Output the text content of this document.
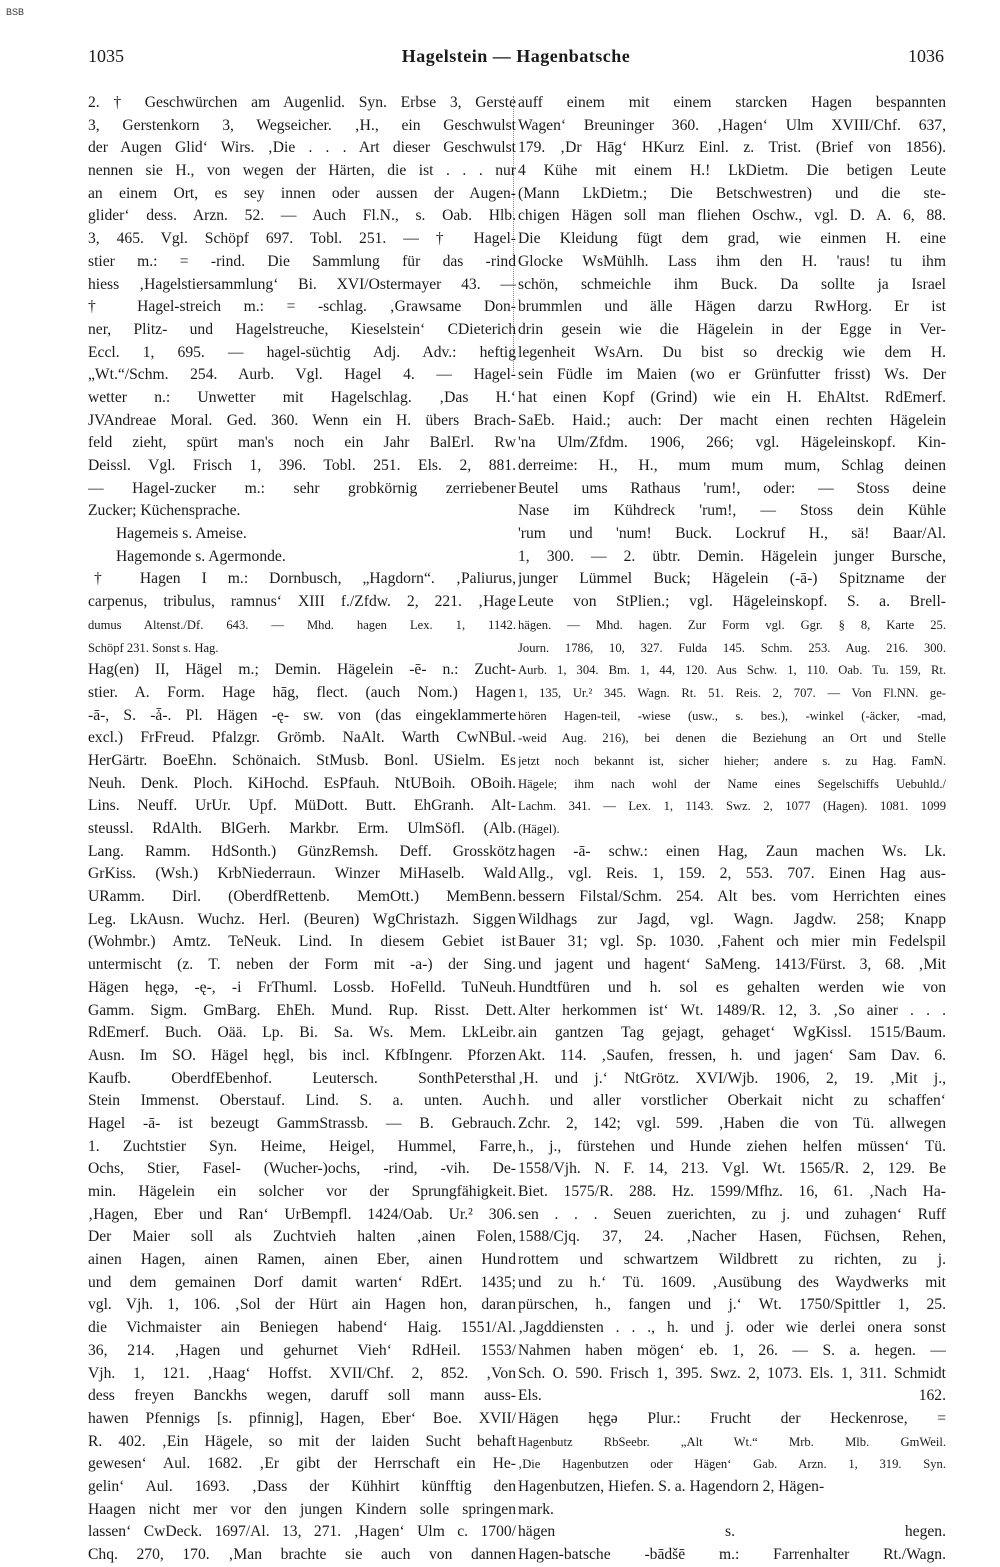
BSB
1035	Hagelstein — Hagenbatsche	1036
2. † Geschwürchen am Augenlid. Syn. Erbse 3, Gerste
3, Gerstenkorn 3, Wegseicher. ‚H., ein Geschwulst
der Augen Glid‘ Wirs. ‚Die . . . Art dieser Geschwulst
nennen sie H., von wegen der Härten, die ist . . . nur
an einem Ort, es sey innen oder aussen der Augen-
glider‘ dess. Arzn. 52. — Auch Fl.N., s. Oab. Hlb.
3, 465. Vgl. Schöpf 697. Tobl. 251. — † Hagel-
stier m.: = -rind. Die Sammlung für das -rind
hiess ‚Hagelstiersammlung‘ Bi. XVI/Ostermayer 43. —
† Hagel-streich m.: = -schlag. ‚Grawsame Don-
ner, Plitz- und Hagelstreuche, Kieselstein‘ CDieterich
Eccl. 1, 695. — hagel-süchtig Adj. Adv.: heftig
„Wt.“/Schm. 254. Aurb. Vgl. Hagel 4. — Hagel-
wetter n.: Unwetter mit Hagelschlag. ‚Das H.‘
JVAndreae Moral. Ged. 360. Wenn ein H. übers Brach-
feld zieht, spürt man's noch ein Jahr BalErl. Rw
Deissl. Vgl. Frisch 1, 396. Tobl. 251. Els. 2, 881.
— Hagel-zucker m.: sehr grobkörnig zerriebener
Zucker; Küchensprache.
Hagemeis s. Ameise.
Hagemonde s. Agermonde.
† Hagen I m.: Dornbusch, „Hagdorn“. ‚Paliurus,
carpenus, tribulus, ramnus‘ XIII f./Zfdw. 2, 221. ‚Hage
dumus Altenst./Df. 643. — Mhd. hagen Lex. 1, 1142.
Schöpf 231. Sonst s. Hag.
Hag(en) II, Hägel m.; Demin. Hägelein -ē- n.: Zucht-
stier. A. Form. Hage hāg, flect. (auch Nom.) Hagen
-ā-, S. -ǡ-. Pl. Hägen -ę- sw. von (das eingeklammerte
excl.) FrFreud. Pfalzgr. Grömb. NaAlt. Warth CwNBul.
HerGärtr. BoeEhn. Schönaich. StMusb. Bonl. USielm. Es
Neuh. Denk. Ploch. KiHochd. EsPfauh. NtUBoih. OBoih.
Lins. Neuff. UrUr. Upf. MüDott. Butt. EhGranh. Alt-
steussl. RdAlth. BlGerh. Markbr. Erm. UlmSöfl. (Alb.
Lang. Ramm. HdSonth.) GünzRemsh. Deff. Grosskötz
GrKiss. (Wsh.) KrbNiederraun. Winzer MiHaselb. Wald
URamm. Dirl. (OberdfRettenb. MemOtt.) MemBenn.
Leg. LkAusn. Wuchz. Herl. (Beuren) WgChristazh. Siggen
(Wohmbr.) Amtz. TeNeuk. Lind. In diesem Gebiet ist
untermischt (z. T. neben der Form mit -a-) der Sing.
Hägen hęgə, -ę-, -i FrThuml. Lossb. HoFelld. TuNeuh.
Gamm. Sigm. GmBarg. EhEh. Mund. Rup. Risst. Dett.
RdEmerf. Buch. Oää. Lp. Bi. Sa. Ws. Mem. LkLeibr.
Ausn. Im SO. Hägel hęgl, bis incl. KfbIngenr. Pforzen
Kaufb. OberdfEbenhof. Leutersch. SonthPetersthal
Stein Immenst. Oberstauf. Lind. S. a. unten. Auch
Hagel -ā- ist bezeugt GammStrassb. — B. Gebrauch.
1. Zuchtstier Syn. Heime, Heigel, Hummel, Farre,
Ochs, Stier, Fasel- (Wucher-)ochs, -rind, -vih. De-
min. Hägelein ein solcher vor der Sprungfähigkeit.
‚Hagen, Eber und Ran‘ UrBempfl. 1424/Oab. Ur.² 306.
Der Maier soll als Zuchtvieh halten ‚ainen Folen,
ainen Hagen, ainen Ramen, ainen Eber, ainen Hund
und dem gemainen Dorf damit warten‘ RdErt. 1435;
vgl. Vjh. 1, 106. ‚Sol der Hürt ain Hagen hon, daran
die Vichmaister ain Beniegen habend‘ Haig. 1551/Al.
36, 214. ‚Hagen und gehurnet Vieh‘ RdHeil. 1553/
Vjh. 1, 121. ‚Haag‘ Hoffst. XVII/Chf. 2, 852. ‚Von
dess freyen Banckhs wegen, daruff soll mann auss-
hawen Pfennigs [s. pfinnig], Hagen, Eber‘ Boe. XVII/
R. 402. ‚Ein Hägele, so mit der laiden Sucht behaft
gewesen‘ Aul. 1682. ‚Er gibt der Herrschaft ein He-
gelin‘ Aul. 1693. ‚Dass der Kühhirt künfftig den
Haagen nicht mer vor den jungen Kindern solle springen
lassen‘ CwDeck. 1697/Al. 13, 271. ‚Hagen‘ Ulm c. 1700/
Chq. 270, 170. ‚Man brachte sie auch von dannen
auff einem mit einem starcken Hagen bespannten
Wagen‘ Breuninger 360. ‚Hagen‘ Ulm XVIII/Chf. 637,
179. ‚Dr Hāg‘ HKurz Einl. z. Trist. (Brief von 1856).
4 Kühe mit einem H.! LkDietm. Die betigen Leute
(Mann LkDietm.; Die Betschwestren) und die ste-
chigen Hägen soll man fliehen Oschw., vgl. D. A. 6, 88.
Die Kleidung fügt dem grad, wie einmen H. eine
Glocke WsMühlh. Lass ihm den H. 'raus! tu ihm
schön, schmeichle ihm Buck. Da sollte ja Israel
brummlen und älle Hägen darzu RwHorg. Er ist
drin gesein wie die Hägelein in der Egge in Ver-
legenheit WsArn. Du bist so dreckig wie dem H.
sein Füdle im Maien (wo er Grünfutter frisst) Ws. Der
hat einen Kopf (Grind) wie ein H. EhAltst. RdEmerf.
SaEb. Haid.; auch: Der macht einen rechten Hägelein
'na Ulm/Zfdm. 1906, 266; vgl. Hägeleinskopf. Kin-
derreime: H., H., mum mum mum, Schlag deinen
Beutel ums Rathaus 'rum!, oder: — Stoss deine
Nase im Kühdreck 'rum!, — Stoss dein Kühle
'rum und 'num! Buck. Lockruf H., sä! Baar/Al.
1, 300. — 2. übtr. Demin. Hägelein junger Bursche,
junger Lümmel Buck; Hägelein (-ā-) Spitzname der
Leute von StPlien.; vgl. Hägeleinskopf. S. a. Brell-
hägen. — Mhd. hagen. Zur Form vgl. Ggr. § 8, Karte 25.
Journ. 1786, 10, 327. Fulda 145. Schm. 253. Aug. 216. 300.
Aurb. 1, 304. Bm. 1, 44, 120. Aus Schw. 1, 110. Oab. Tu. 159, Rt.
1, 135, Ur.² 345. Wagn. Rt. 51. Reis. 2, 707. — Von Fl.NN. ge-
hören Hagen-teil, -wiese (usw., s. bes.), -winkel (-äcker, -mad,
-weid Aug. 216), bei denen die Beziehung an Ort und Stelle
jetzt noch bekannt ist, sicher hieher; andere s. zu Hag. FamN.
Hägele; ihm nach wohl der Name eines Segelschiffs Uebuhld./
Lachm. 341. — Lex. 1, 1143. Swz. 2, 1077 (Hagen). 1081. 1099
(Hägel).
hagen -ā- schw.: einen Hag, Zaun machen Ws. Lk.
Allg., vgl. Reis. 1, 159. 2, 553. 707. Einen Hag aus-
bessern Filstal/Schm. 254. Alt bes. vom Herrichten eines
Wildhags zur Jagd, vgl. Wagn. Jagdw. 258; Knapp
Bauer 31; vgl. Sp. 1030. ‚Fahent och mier min Fedelspil
und jagent und hagent‘ SaMeng. 1413/Fürst. 3, 68. ‚Mit
Hundtfüren und h. sol es gehalten werden wie von
Alter herkommen ist‘ Wt. 1489/R. 12, 3. ‚So ainer . . .
ain gantzen Tag gejagt, gehaget‘ WgKissl. 1515/Baum.
Akt. 114. ‚Saufen, fressen, h. und jagen‘ Sam Dav. 6.
‚H. und j.‘ NtGrötz. XVI/Wjb. 1906, 2, 19. ‚Mit j.,
h. und aller vorstlicher Oberkait nicht zu schaffen‘
Zchr. 2, 142; vgl. 599. ‚Haben die von Tü. allwegen
h., j., fürstehen und Hunde ziehen helfen müssen‘ Tü.
1558/Vjh. N. F. 14, 213. Vgl. Wt. 1565/R. 2, 129. Be
Biet. 1575/R. 288. Hz. 1599/Mfhz. 16, 61. ‚Nach Ha-
sen . . . Seuen zuerichten, zu j. und zuhagen‘ Ruff
1588/Cjq. 37, 24. ‚Nacher Hasen, Füchsen, Rehen,
rottem und schwartzem Wildbrett zu richten, zu j.
und zu h.‘ Tü. 1609. ‚Ausübung des Waydwerks mit
pürschen, h., fangen und j.‘ Wt. 1750/Spittler 1, 25.
‚Jagddiensten . . ., h. und j. oder wie derlei onera sonst
Nahmen haben mögen‘ eb. 1, 26. — S. a. hegen. —
Sch. O. 590. Frisch 1, 395. Swz. 2, 1073. Els. 1, 311. Schmidt
Els. 162.
Hägen hęgə Plur.: Frucht der Heckenrose, =
Hagenbutz RbSeebr. „Alt Wt.“ Mrb. Mlb. GmWeil.
‚Die Hagenbutzen oder Hägen‘ Gab. Arzn. 1, 319. Syn.
Hagenbutzen, Hiefen. S. a. Hagendorn 2, Hägen-
mark.
hägen s. hegen.
Hagen-batsche -bādšē m.: Farrenhalter Rt./Wagn.
